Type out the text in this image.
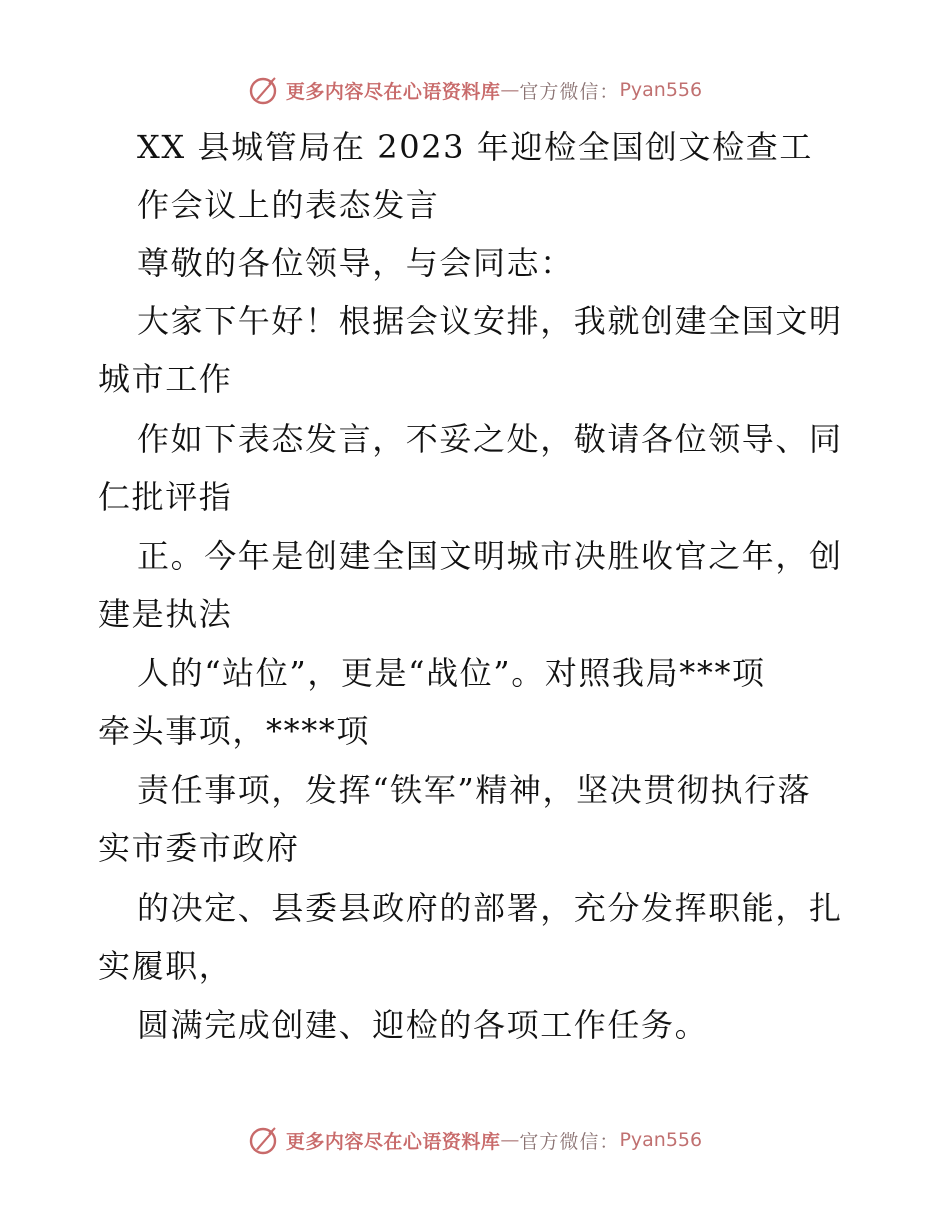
更多内容尽在心语资料库 — 官方微信： Pyan556
XX 县城管局在 2023 年迎检全国创文检查工
作会议上的表态发言
尊敬的各位领导，与会同志：
大家下午好！根据会议安排，我就创建全国文明
城市工作
作如下表态发言，不妥之处，敬请各位领导、同
仁批评指
正。今年是创建全国文明城市决胜收官之年，创
建是执法
人的“站位”，更是“战位”。对照我局***项
牵头事项，****项
责任事项，发挥“铁军”精神，坚决贯彻执行落
实市委市政府
的决定、县委县政府的部署，充分发挥职能，扎
实履职，
圆满完成创建、迎检的各项工作任务。
更多内容尽在心语资料库 — 官方微信： Pyan556
